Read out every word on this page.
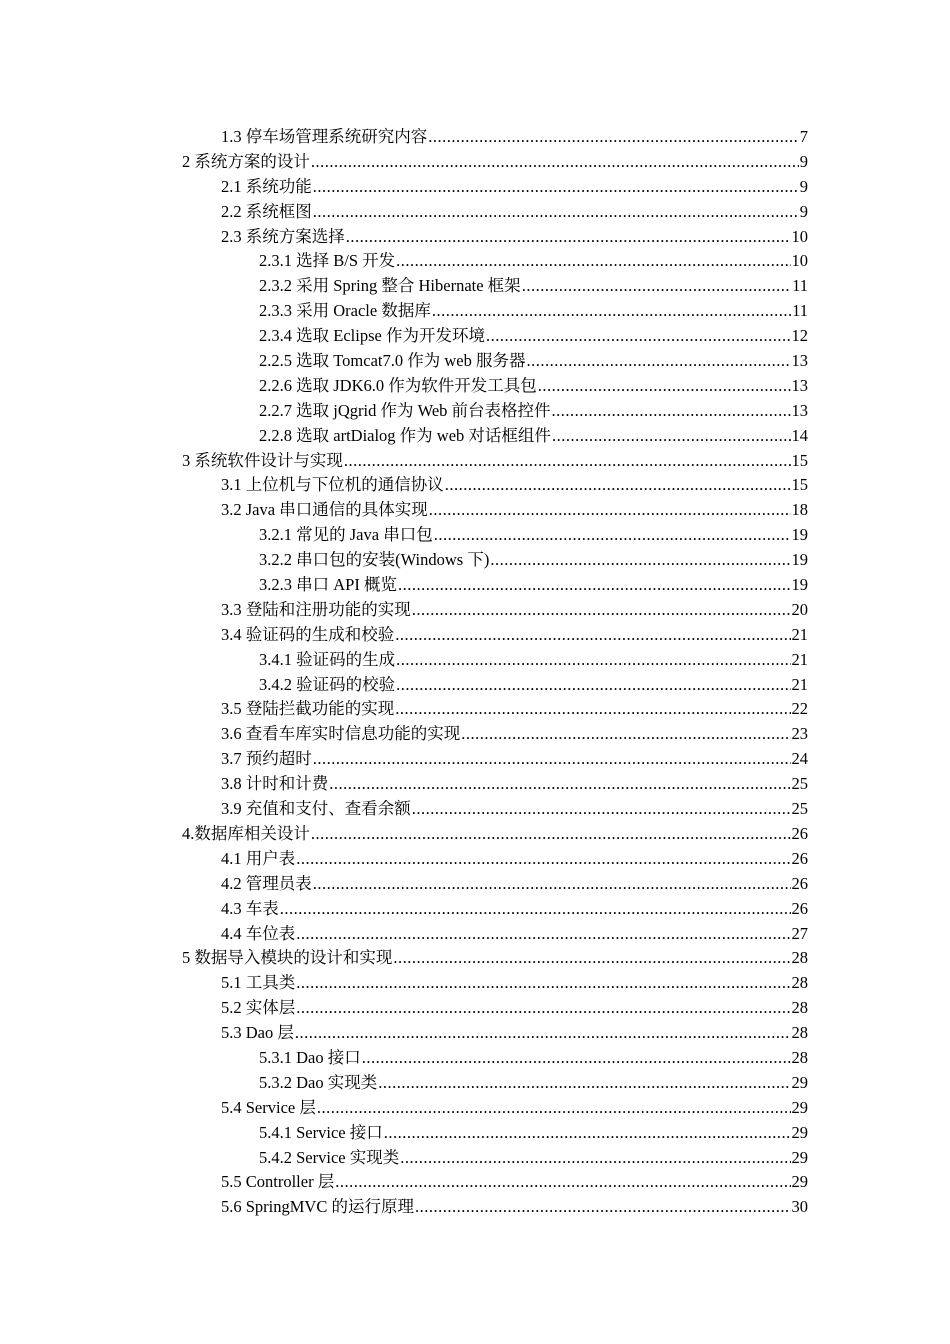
1.3 停车场管理系统研究内容 .....	7
2 系统方案的设计 .....	9
2.1 系统功能 .....	9
2.2 系统框图 .....	9
2.3 系统方案选择 .....	10
2.3.1 选择 B/S 开发 .....	10
2.3.2 采用 Spring 整合 Hibernate 框架 .....	11
2.3.3 采用 Oracle 数据库 .....	11
2.3.4 选取 Eclipse 作为开发环境 .....	12
2.2.5 选取 Tomcat7.0 作为 web 服务器 .....	13
2.2.6 选取 JDK6.0 作为软件开发工具包 .....	13
2.2.7 选取 jQgrid 作为 Web 前台表格控件 .....	13
2.2.8 选取 artDialog 作为 web 对话框组件 .....	14
3 系统软件设计与实现 .....	15
3.1 上位机与下位机的通信协议 .....	15
3.2 Java 串口通信的具体实现 .....	18
3.2.1 常见的 Java 串口包 .....	19
3.2.2 串口包的安装(Windows 下) .....	19
3.2.3 串口 API 概览 .....	19
3.3 登陆和注册功能的实现 .....	20
3.4 验证码的生成和校验 .....	21
3.4.1 验证码的生成 .....	21
3.4.2 验证码的校验 .....	21
3.5 登陆拦截功能的实现 .....	22
3.6 查看车库实时信息功能的实现 .....	23
3.7 预约超时 .....	24
3.8 计时和计费 .....	25
3.9 充值和支付、查看余额 .....	25
4.数据库相关设计 .....	26
4.1 用户表 .....	26
4.2 管理员表 .....	26
4.3 车表 .....	26
4.4 车位表 .....	27
5 数据导入模块的设计和实现 .....	28
5.1 工具类 .....	28
5.2 实体层 .....	28
5.3 Dao 层 .....	28
5.3.1 Dao 接口 .....	28
5.3.2 Dao 实现类 .....	29
5.4 Service 层 .....	29
5.4.1 Service 接口 .....	29
5.4.2 Service 实现类 .....	29
5.5 Controller 层 .....	29
5.6 SpringMVC 的运行原理 .....	30
